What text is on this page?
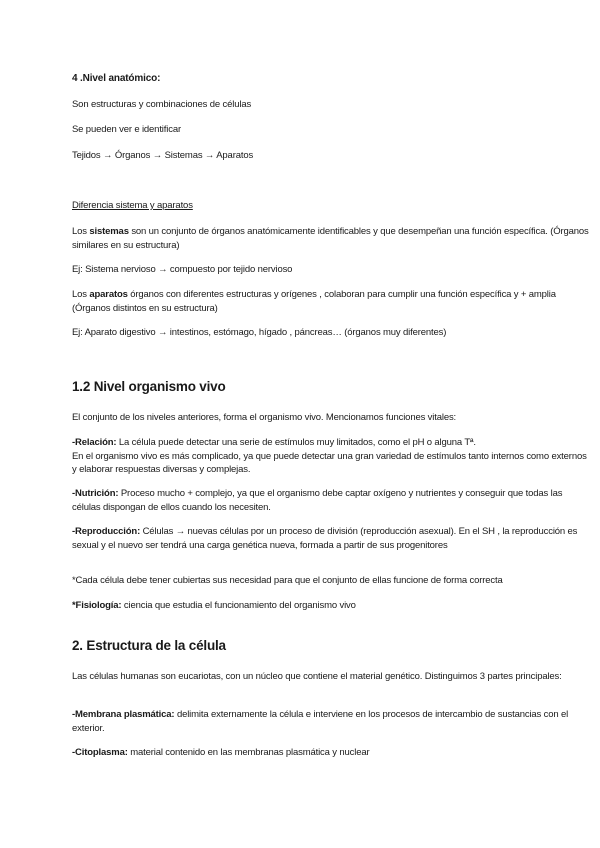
4 .Nivel anatómico:
Son estructuras y combinaciones de células
Se pueden ver e identificar
Tejidos → Órganos → Sistemas → Aparatos
Diferencia sistema y aparatos
Los sistemas son un conjunto de órganos anatómicamente identificables y que desempeñan una función específica. (Órganos similares en su estructura)
Ej: Sistema nervioso → compuesto por tejido nervioso
Los aparatos órganos con diferentes estructuras y orígenes , colaboran para cumplir una función específica y + amplia (Órganos distintos en su estructura)
Ej: Aparato digestivo → intestinos, estómago, hígado , páncreas… (órganos muy diferentes)
1.2 Nivel organismo vivo
El conjunto de los niveles anteriores, forma el organismo vivo. Mencionamos funciones vitales:
-Relación: La célula puede detectar una serie de estímulos muy limitados, como el pH o alguna Tª.
En el organismo vivo es más complicado, ya que puede detectar una gran variedad de estímulos tanto internos como externos y elaborar respuestas diversas y complejas.
-Nutrición: Proceso mucho + complejo, ya que el organismo debe captar oxígeno y nutrientes y conseguir que todas las células dispongan de ellos cuando los necesiten.
-Reproducción: Células → nuevas células por un proceso de división (reproducción asexual). En el SH , la reproducción es sexual y el nuevo ser tendrá una carga genética nueva, formada a partir de sus progenitores
*Cada célula debe tener cubiertas sus necesidad para que el conjunto de ellas funcione de forma correcta
*Fisiología: ciencia que estudia el funcionamiento del organismo vivo
2. Estructura de la célula
Las células humanas son eucariotas, con un núcleo que contiene el material genético. Distinguimos 3 partes principales:
-Membrana plasmática: delimita externamente la célula e interviene en los procesos de intercambio de sustancias con el exterior.
-Citoplasma: material contenido en las membranas plasmática y nuclear
